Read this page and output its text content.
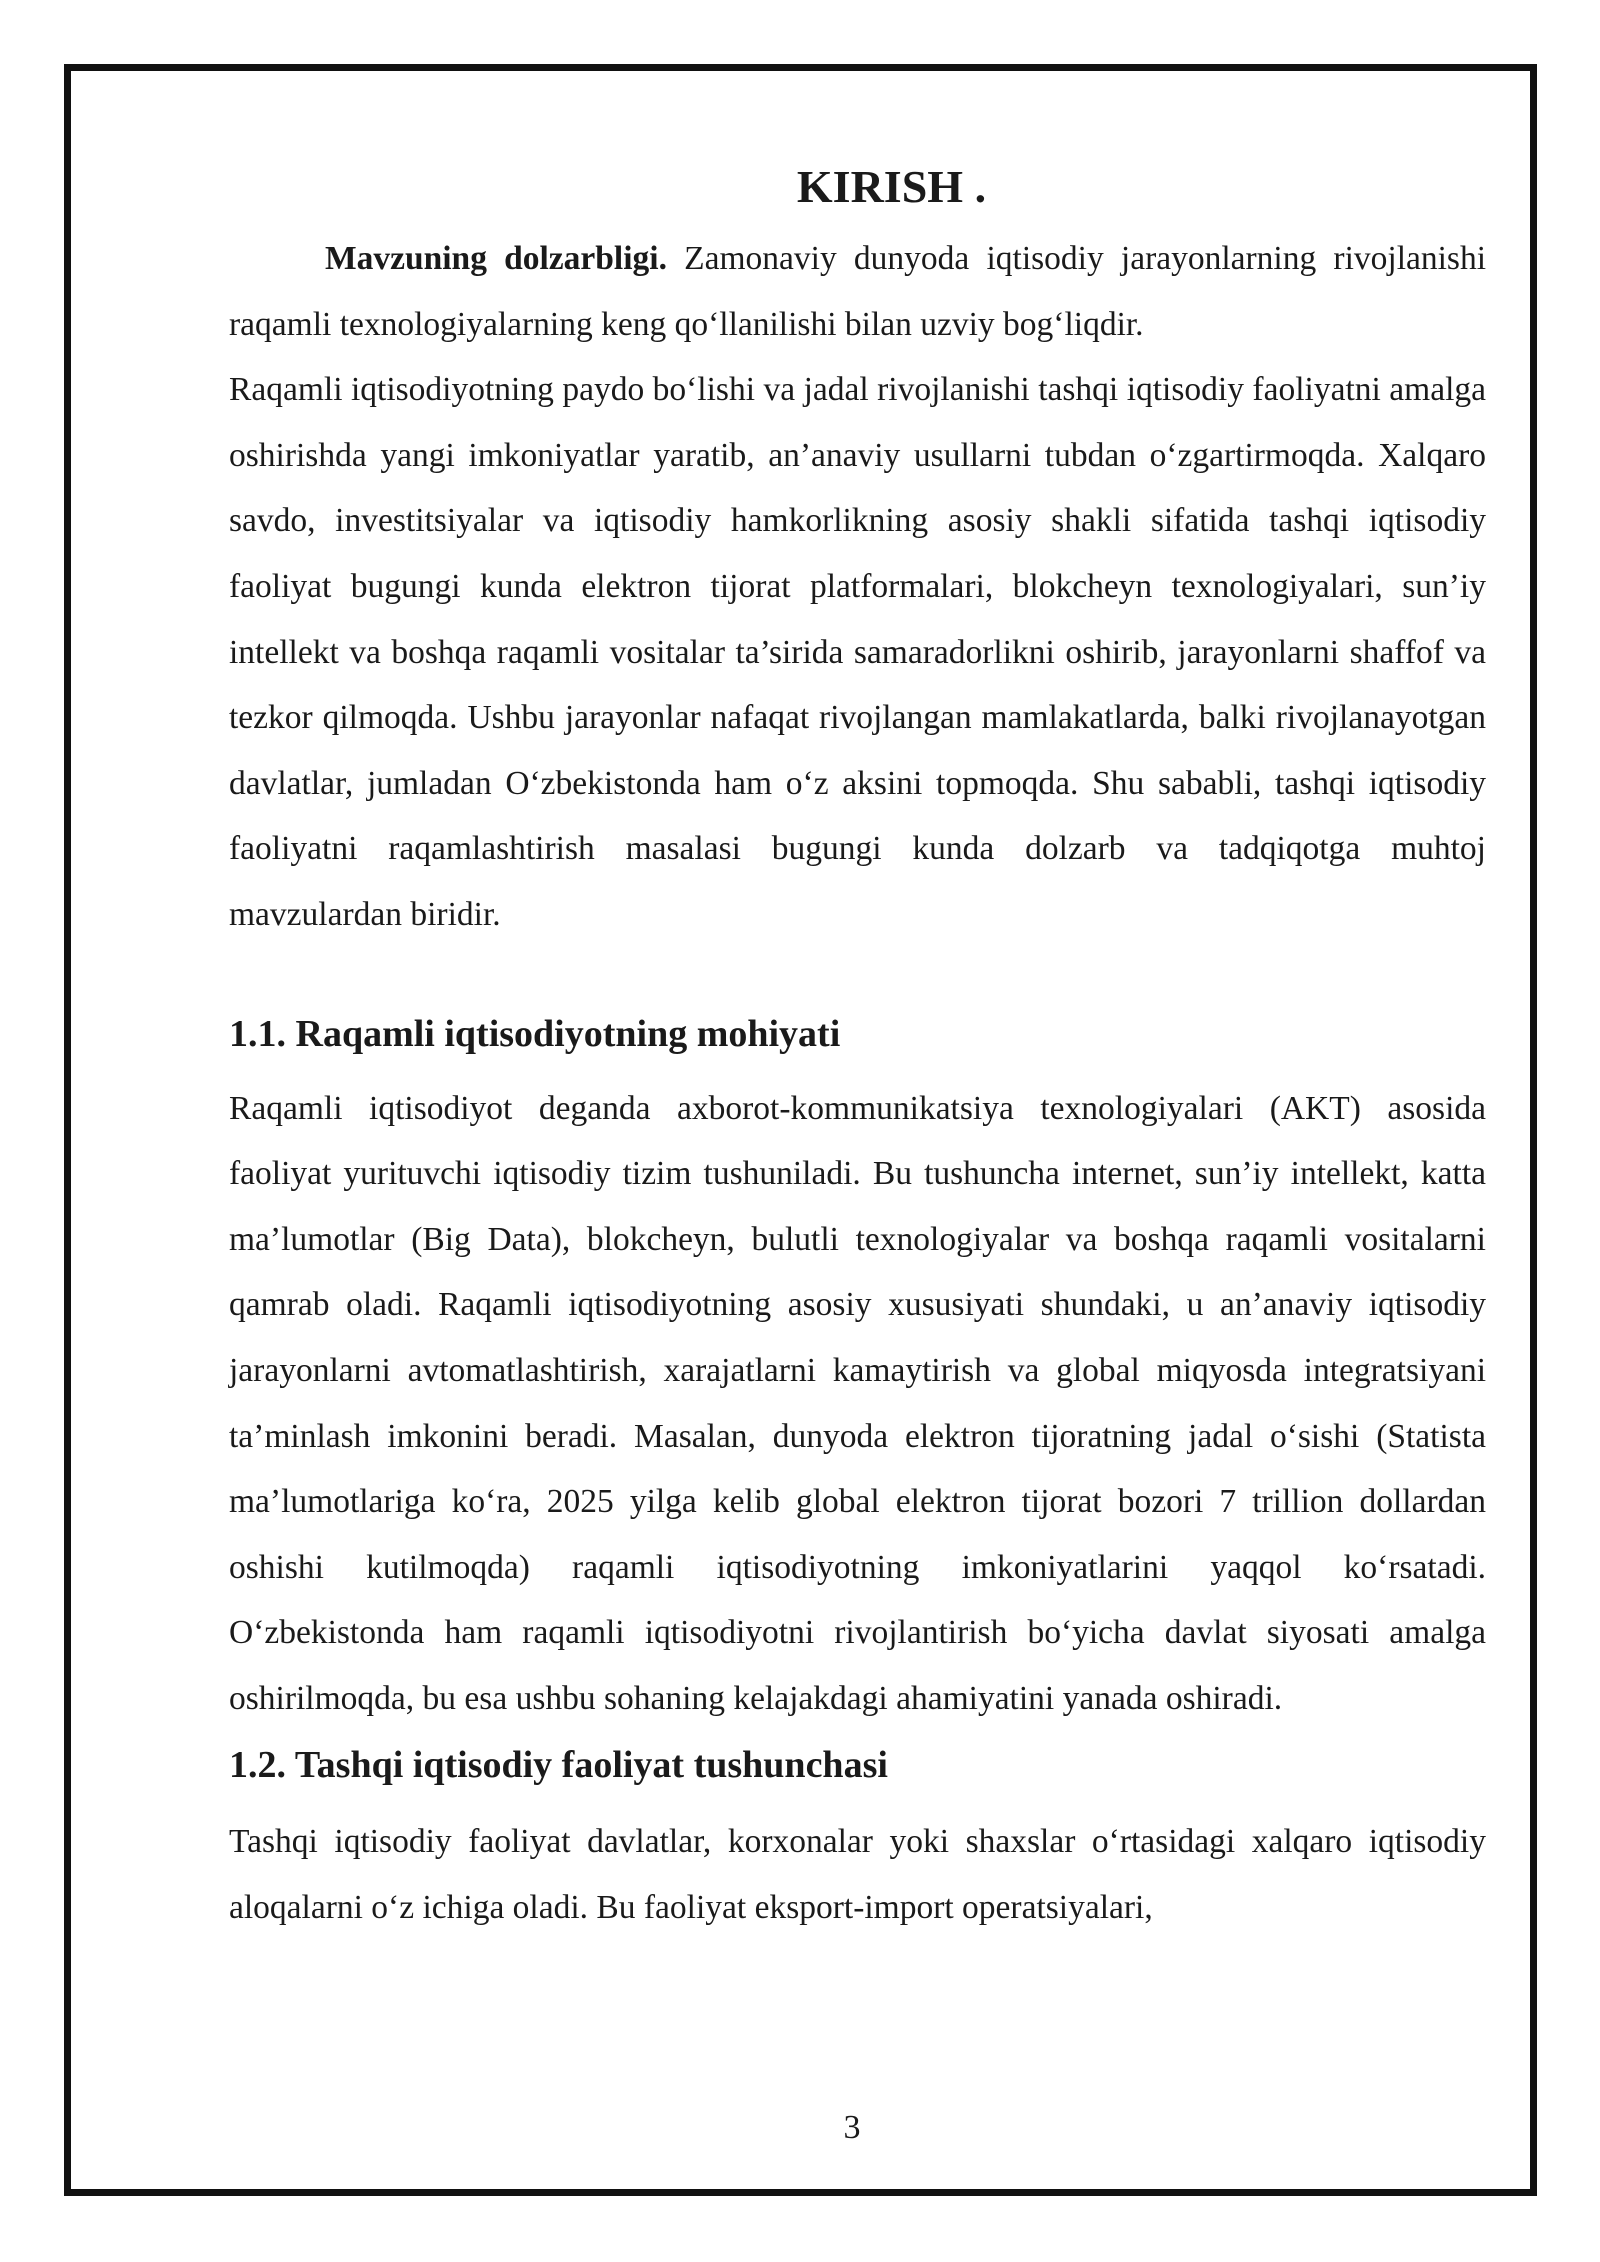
KIRISH .

Mavzuning dolzarbligi. Zamonaviy dunyoda iqtisodiy jarayonlarning rivojlanishi raqamli texnologiyalarning keng qo‘llanilishi bilan uzviy bog‘liqdir.

Raqamli iqtisodiyotning paydo bo‘lishi va jadal rivojlanishi tashqi iqtisodiy faoliyatni amalga oshirishda yangi imkoniyatlar yaratib, an’anaviy usullarni tubdan o‘zgartirmoqda. Xalqaro savdo, investitsiyalar va iqtisodiy hamkorlikning asosiy shakli sifatida tashqi iqtisodiy faoliyat bugungi kunda elektron tijorat platformalari, blokcheyn texnologiyalari, sun’iy intellekt va boshqa raqamli vositalar ta’sirida samaradorlikni oshirib, jarayonlarni shaffof va tezkor qilmoqda. Ushbu jarayonlar nafaqat rivojlangan mamlakatlarda, balki rivojlanayotgan davlatlar, jumladan O‘zbekistonda ham o‘z aksini topmoqda. Shu sababli, tashqi iqtisodiy faoliyatni raqamlashtirish masalasi bugungi kunda dolzarb va tadqiqotga muhtoj mavzulardan biridir.

1.1. Raqamli iqtisodiyotning mohiyati

Raqamli iqtisodiyot deganda axborot-kommunikatsiya texnologiyalari (AKT) asosida faoliyat yurituvchi iqtisodiy tizim tushuniladi. Bu tushuncha internet, sun’iy intellekt, katta ma’lumotlar (Big Data), blokcheyn, bulutli texnologiyalar va boshqa raqamli vositalarni qamrab oladi. Raqamli iqtisodiyotning asosiy xususiyati shundaki, u an’anaviy iqtisodiy jarayonlarni avtomatlashtirish, xarajatlarni kamaytirish va global miqyosda integratsiyani ta’minlash imkonini beradi. Masalan, dunyoda elektron tijoratning jadal o‘sishi (Statista ma’lumotlariga ko‘ra, 2025 yilga kelib global elektron tijorat bozori 7 trillion dollardan oshishi kutilmoqda) raqamli iqtisodiyotning imkoniyatlarini yaqqol ko‘rsatadi. O‘zbekistonda ham raqamli iqtisodiyotni rivojlantirish bo‘yicha davlat siyosati amalga oshirilmoqda, bu esa ushbu sohaning kelajakdagi ahamiyatini yanada oshiradi.

1.2. Tashqi iqtisodiy faoliyat tushunchasi

Tashqi iqtisodiy faoliyat davlatlar, korxonalar yoki shaxslar o‘rtasidagi xalqaro iqtisodiy aloqalarni o‘z ichiga oladi. Bu faoliyat eksport-import operatsiyalari,

3
